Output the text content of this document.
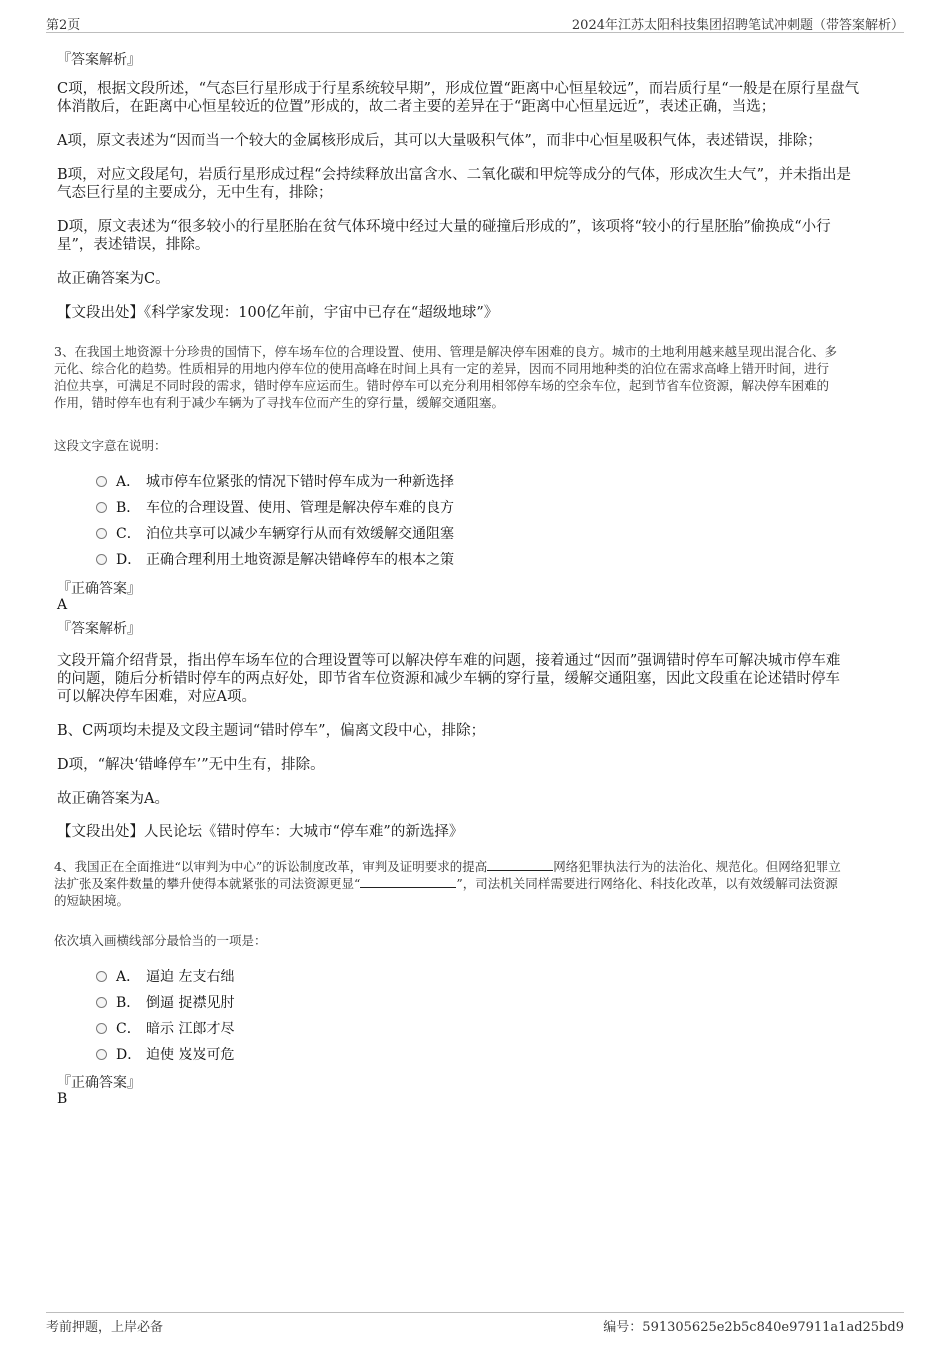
第2页	2024年江苏太阳科技集团招聘笔试冲刺题（带答案解析）
『答案解析』
C项，根据文段所述，“气态巨行星形成于行星系统较早期”，形成位置“距离中心恒星较远”，而岩质行星“一般是在原行星盘气
体消散后，在距离中心恒星较近的位置”形成的，故二者主要的差异在于“距离中心恒星远近”，表述正确，当选；
A项，原文表述为“因而当一个较大的金属核形成后，其可以大量吸积气体”，而非中心恒星吸积气体，表述错误，排除；
B项，对应文段尾句，岩质行星形成过程“会持续释放出富含水、二氧化碳和甲烷等成分的气体，形成次生大气”，并未指出是
气态巨行星的主要成分，无中生有，排除；
D项，原文表述为“很多较小的行星胚胎在贫气体环境中经过大量的碰撞后形成的”，该项将“较小的行星胚胎”偷换成“小行
星”，表述错误，排除。
故正确答案为C。
【文段出处】《科学家发现：100亿年前，宇宙中已存在“超级地球”》
3、在我国土地资源十分珍贵的国情下，停车场车位的合理设置、使用、管理是解决停车困难的良方。城市的土地利用越来越呈现出混合化、多
元化、综合化的趋势。性质相异的用地内停车位的使用高峰在时间上具有一定的差异，因而不同用地种类的泊位在需求高峰上错开时间，进行
泊位共享，可满足不同时段的需求，错时停车应运而生。错时停车可以充分利用相邻停车场的空余车位，起到节省车位资源，解决停车困难的
作用，错时停车也有利于减少车辆为了寻找车位而产生的穿行量，缓解交通阻塞。
这段文字意在说明：
A． 城市停车位紧张的情况下错时停车成为一种新选择
B． 车位的合理设置、使用、管理是解决停车难的良方
C． 泊位共享可以减少车辆穿行从而有效缓解交通阻塞
D． 正确合理利用土地资源是解决错峰停车的根本之策
『正确答案』
A
『答案解析』
文段开篇介绍背景，指出停车场车位的合理设置等可以解决停车难的问题，接着通过“因而”强调错时停车可解决城市停车难
的问题，随后分析错时停车的两点好处，即节省车位资源和减少车辆的穿行量，缓解交通阻塞，因此文段重在论述错时停车
可以解决停车困难，对应A项。
B、C两项均未提及文段主题词“错时停车”，偏离文段中心，排除；
D项，“解决‘错峰停车’”无中生有，排除。
故正确答案为A。
【文段出处】人民论坛《错时停车：大城市“停车难”的新选择》
4、我国正在全面推进“以审判为中心”的诉讼制度改革，审判及证明要求的提高	网络犯罪执法行为的法治化、规范化。但网络犯罪立
法扩张及案件数量的攀升使得本就紧张的司法资源更显“	”，司法机关同样需要进行网络化、科技化改革，以有效缓解司法资源
的短缺困境。
依次填入画横线部分最恰当的一项是：
A． 逼迫 左支右绌
B． 倒逼 捉襟见肘
C． 暗示 江郎才尽
D． 迫使 岌岌可危
『正确答案』
B
考前押题，上岸必备	编号：591305625e2b5c840e97911a1ad25bd9
